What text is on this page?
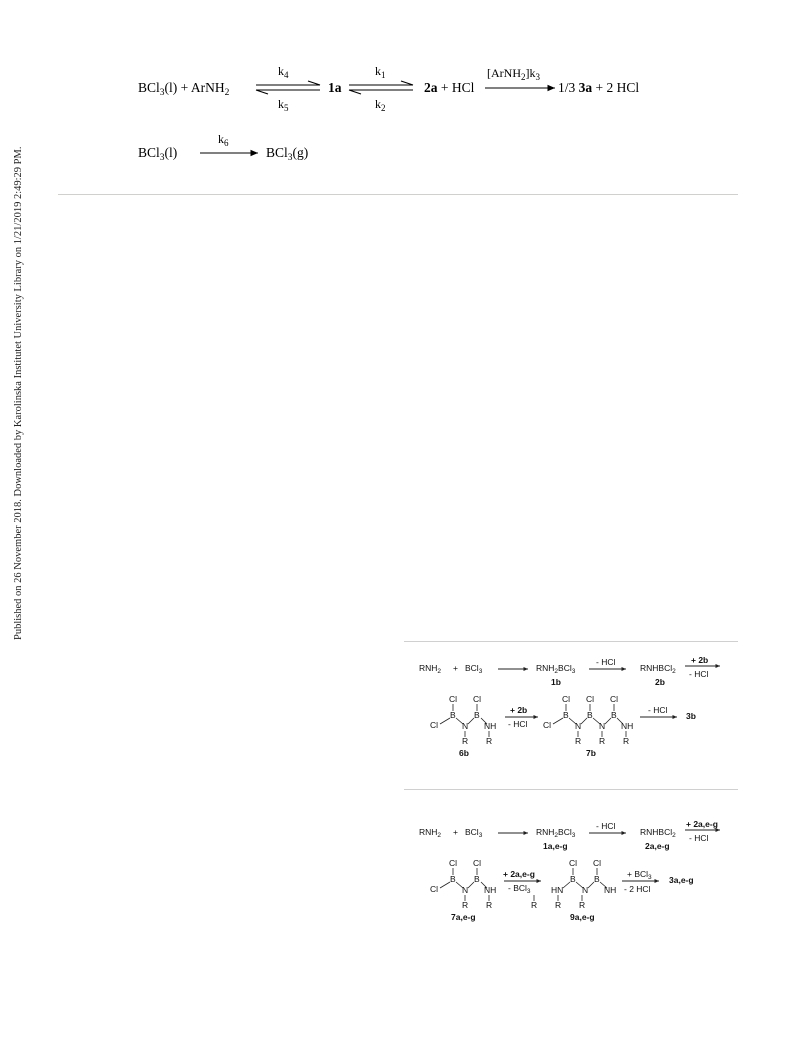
Published on 26 November 2018. Downloaded by Karolinska Institutet University Library on 1/21/2019 2:49:29 PM.
BCl$_3$(l) + ArNH$_2$
$k_4$
$k_5$
1a
$k_1$
$k_2$
2a + HCl
$[ArNH_2]k_3$
1/3 3a + 2 HCl
BCl$_3$(l)
$k_6$
BCl$_3$(g)
$RNH_2 + BCl_3$	$RNH_2BCl_3$
1b
- HCl
RNHBCl$_2$
2b
+ 2b
- HCl
Cl Cl
Cl
B
N
B
NH
R R
6b
+ 2b
- HCl
Cl Cl Cl
Cl
B
N
B
N
B
NH
R R R
7b
- HCl
3b
$RNH_2 + BCl_3$	$RNH_2BCl_3$
1a,e-g
- HCl
RNHBCl$_2$
2a,e-g
+ 2a,e-g
- HCl
Cl Cl
Cl
B
N
B
NH
R R
7a,e-g
+ 2a,e-g
- BCl$_3$
Cl Cl
HN
B
N
B
NH
R R R
9a,e-g
+ BCl$_3$
- 2 HCl
3a,e-g
